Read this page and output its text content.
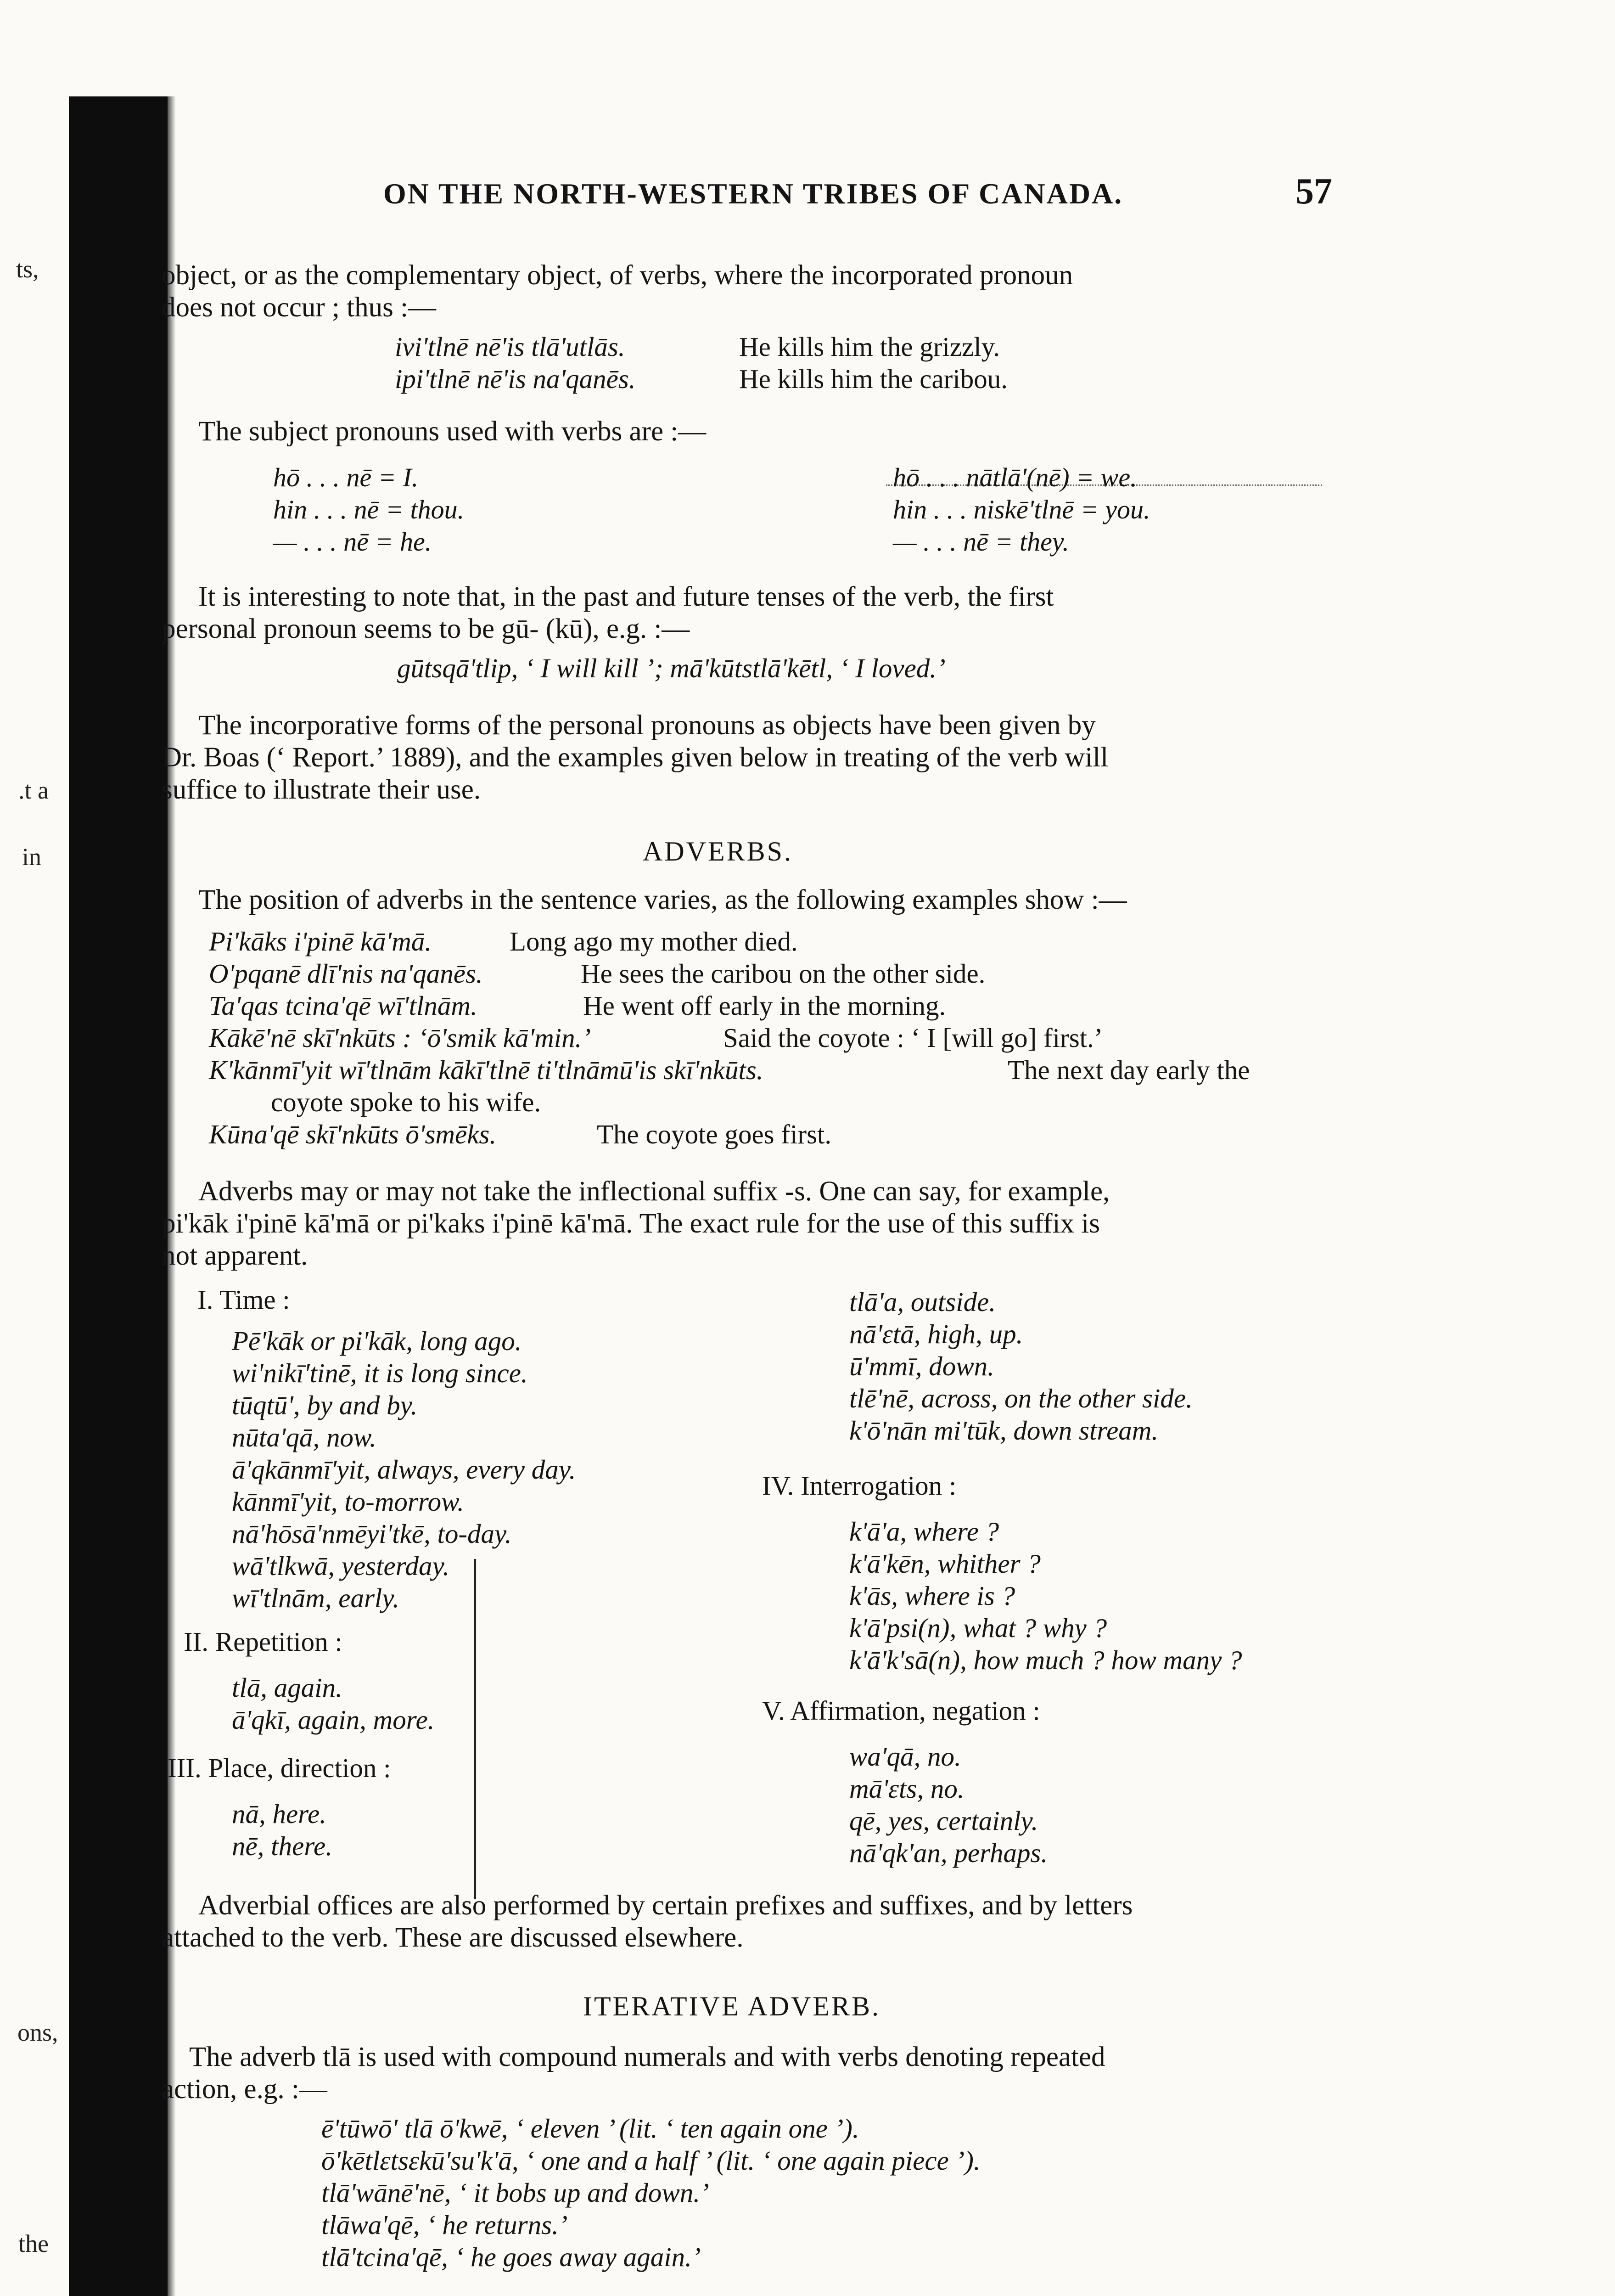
ts,
.t a
in
ons,
the
ON THE NORTH-WESTERN TRIBES OF CANADA.	57
object, or as the complementary object, of verbs, where the incorporated pronoun
does not occur ; thus :—
ivi'tlnē nē'is tlā'utlās.	He kills him the grizzly.
ipi'tlnē nē'is na'qanēs.	He kills him the caribou.
The subject pronouns used with verbs are :—
hō . . . nē = I.
hin . . . nē = thou.
— . . . nē = he.
hō . . . nātlā'(nē) = we.
hin . . . niskē'tlnē = you.
— . . . nē = they.
It is interesting to note that, in the past and future tenses of the verb, the first
personal pronoun seems to be gū- (kū), e.g. :—
gūtsqā'tlip, ‘ I will kill ’; mā'kūtstlā'kētl, ‘ I loved.’
The incorporative forms of the personal pronouns as objects have been given by
Dr. Boas (‘ Report.’ 1889), and the examples given below in treating of the verb will
suffice to illustrate their use.
ADVERBS.
The position of adverbs in the sentence varies, as the following examples show :—
Pi'kāks i'pinē kā'mā.	Long ago my mother died.
O'pqanē dlī'nis na'qanēs.	He sees the caribou on the other side.
Ta'qas tcina'qē wī'tlnām.	He went off early in the morning.
Kākē'nē skī'nkūts : ‘ō'smik kā'min.’	Said the coyote : ‘ I [will go] first.’
K'kānmī'yit wī'tlnām kākī'tlnē ti'tlnāmū'is skī'nkūts.	The next day early the
coyote spoke to his wife.
Kūna'qē skī'nkūts ō'smēks.	The coyote goes first.
Adverbs may or may not take the inflectional suffix -s. One can say, for example,
pi'kāk i'pinē kā'mā or pi'kaks i'pinē kā'mā. The exact rule for the use of this suffix is
not apparent.
I. Time :
Pē'kāk or pi'kāk, long ago.
wi'nikī'tinē, it is long since.
tūqtū', by and by.
nūta'qā, now.
ā'qkānmī'yit, always, every day.
kānmī'yit, to-morrow.
nā'hōsā'nmēyi'tkē, to-day.
wā'tlkwā, yesterday.
wī'tlnām, early.
II. Repetition :
tlā, again.
ā'qkī, again, more.
III. Place, direction :
nā, here.
nē, there.
tlā'a, outside.
nā'ɛtā, high, up.
ū'mmī, down.
tlē'nē, across, on the other side.
k'ō'nān mi'tūk, down stream.
IV. Interrogation :
k'ā'a, where ?
k'ā'kēn, whither ?
k'ās, where is ?
k'ā'psi(n), what ? why ?
k'ā'k'sā(n), how much ? how many ?
V. Affirmation, negation :
wa'qā, no.
mā'ɛts, no.
qē, yes, certainly.
nā'qk'an, perhaps.
Adverbial offices are also performed by certain prefixes and suffixes, and by letters
attached to the verb. These are discussed elsewhere.
ITERATIVE ADVERB.
The adverb tlā is used with compound numerals and with verbs denoting repeated
action, e.g. :—
ē'tūwō' tlā ō'kwē, ‘ eleven ’ (lit. ‘ ten again one ’).
ō'kētlɛtsɛkū'su'k'ā, ‘ one and a half ’ (lit. ‘ one again piece ’).
tlā'wānē'nē, ‘ it bobs up and down.’
tlāwa'qē, ‘ he returns.’
tlā'tcina'qē, ‘ he goes away again.’
